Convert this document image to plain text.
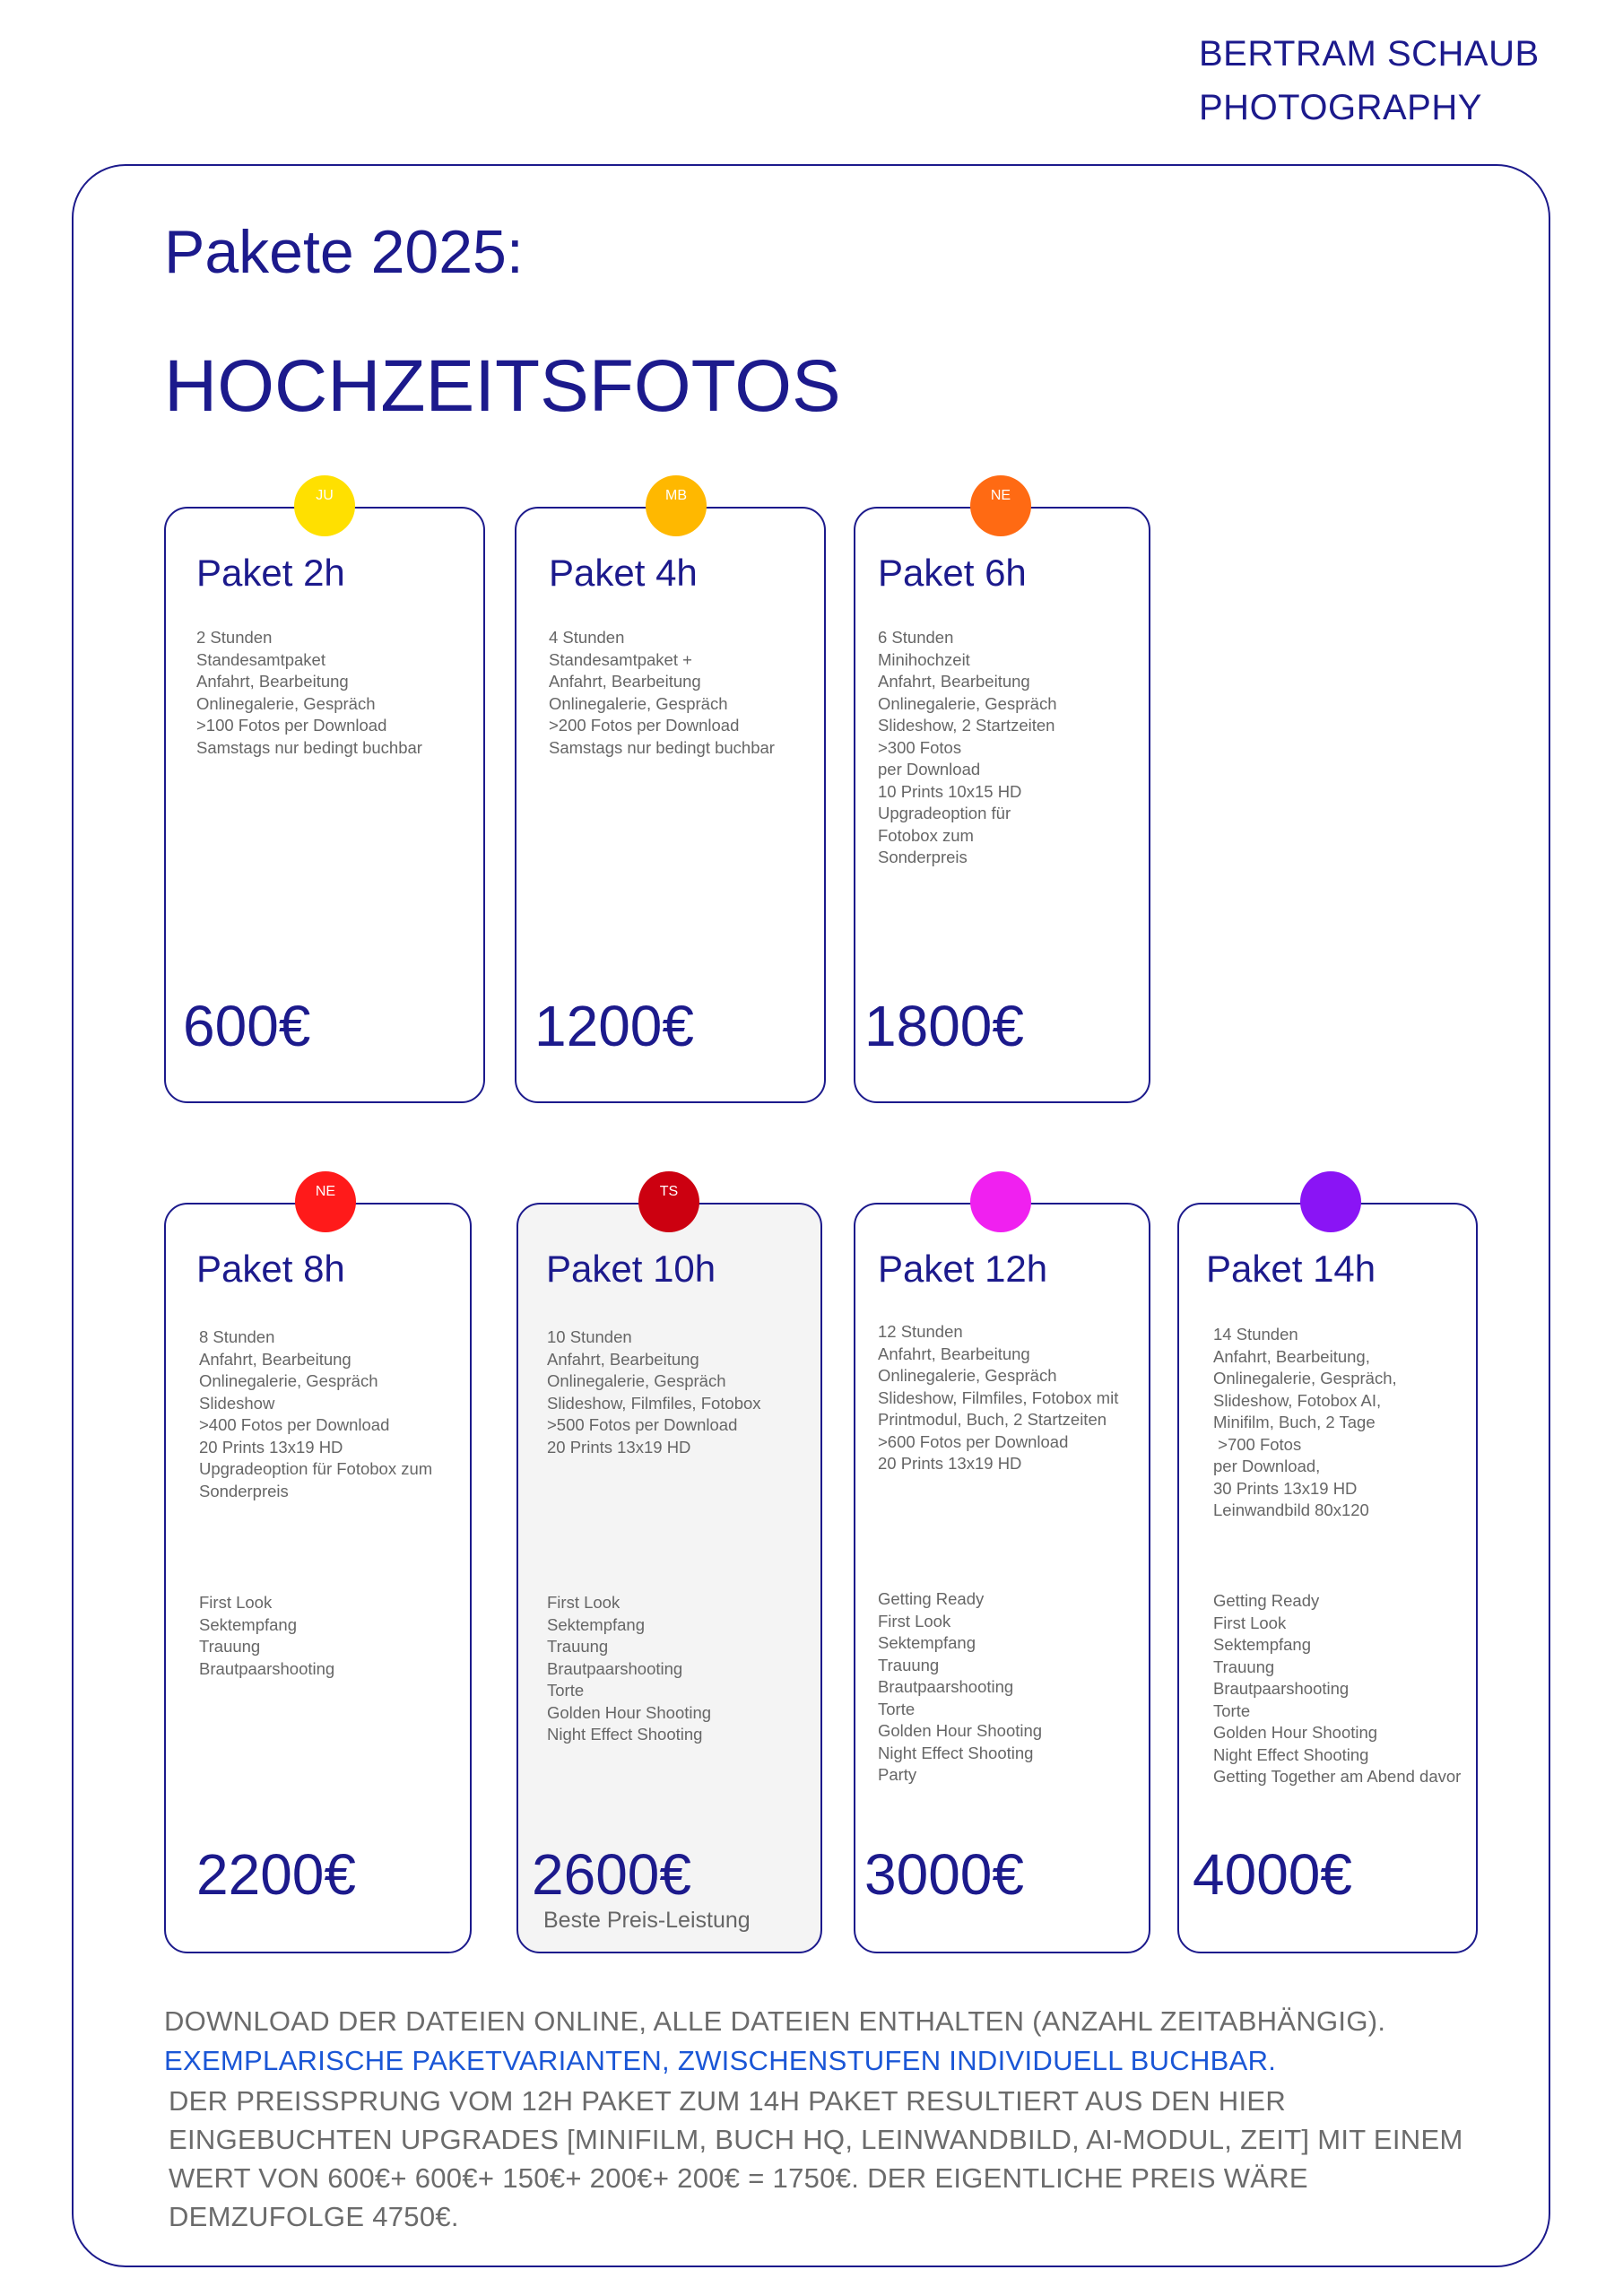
BERTRAM SCHAUB
PHOTOGRAPHY
Pakete 2025:
HOCHZEITSFOTOS
Paket 2h
2 Stunden
Standesamtpaket
Anfahrt, Bearbeitung
Onlinegalerie, Gespräch
>100 Fotos per Download
Samstags nur bedingt buchbar
600€
JU
Paket 4h
4 Stunden
Standesamtpaket +
Anfahrt, Bearbeitung
Onlinegalerie, Gespräch
>200 Fotos per Download
Samstags nur bedingt buchbar
1200€
MB
Paket 6h
6 Stunden
Minihochzeit
Anfahrt, Bearbeitung
Onlinegalerie, Gespräch
Slideshow, 2 Startzeiten
>300 Fotos
per Download
10 Prints 10x15 HD
Upgradeoption für
Fotobox zum
Sonderpreis
1800€
NE
Paket 8h
8 Stunden
Anfahrt, Bearbeitung
Onlinegalerie, Gespräch
Slideshow
>400 Fotos per Download
20 Prints 13x19 HD
Upgradeoption für Fotobox zum
Sonderpreis
First Look
Sektempfang
Trauung
Brautpaarshooting
2200€
NE
Paket 10h
10 Stunden
Anfahrt, Bearbeitung
Onlinegalerie, Gespräch
Slideshow, Filmfiles, Fotobox
>500 Fotos per Download
20 Prints 13x19 HD
First Look
Sektempfang
Trauung
Brautpaarshooting
Torte
Golden Hour Shooting
Night Effect Shooting
2600€
Beste Preis-Leistung
TS
Paket 12h
12 Stunden
Anfahrt, Bearbeitung
Onlinegalerie, Gespräch
Slideshow, Filmfiles, Fotobox mit
Printmodul, Buch, 2 Startzeiten
>600 Fotos per Download
20 Prints 13x19 HD
Getting Ready
First Look
Sektempfang
Trauung
Brautpaarshooting
Torte
Golden Hour Shooting
Night Effect Shooting
Party
3000€
Paket 14h
14 Stunden
Anfahrt, Bearbeitung,
Onlinegalerie, Gespräch,
Slideshow, Fotobox AI,
Minifilm, Buch, 2 Tage
>700 Fotos
per Download,
30 Prints 13x19 HD
Leinwandbild 80x120
Getting Ready
First Look
Sektempfang
Trauung
Brautpaarshooting
Torte
Golden Hour Shooting
Night Effect Shooting
Getting Together am Abend davor
4000€

DOWNLOAD DER DATEIEN ONLINE, ALLE DATEIEN ENTHALTEN (ANZAHL ZEITABHÄNGIG).

EXEMPLARISCHE PAKETVARIANTEN, ZWISCHENSTUFEN INDIVIDUELL BUCHBAR.

DER PREISSPRUNG VOM 12H PAKET ZUM 14H PAKET RESULTIERT AUS DEN HIER EINGEBUCHTEN UPGRADES [MINIFILM, BUCH HQ, LEINWANDBILD, AI-MODUL, ZEIT] MIT EINEM WERT VON 600€+ 600€+ 150€+ 200€+ 200€ = 1750€. DER EIGENTLICHE PREIS WÄRE DEMZUFOLGE 4750€.
